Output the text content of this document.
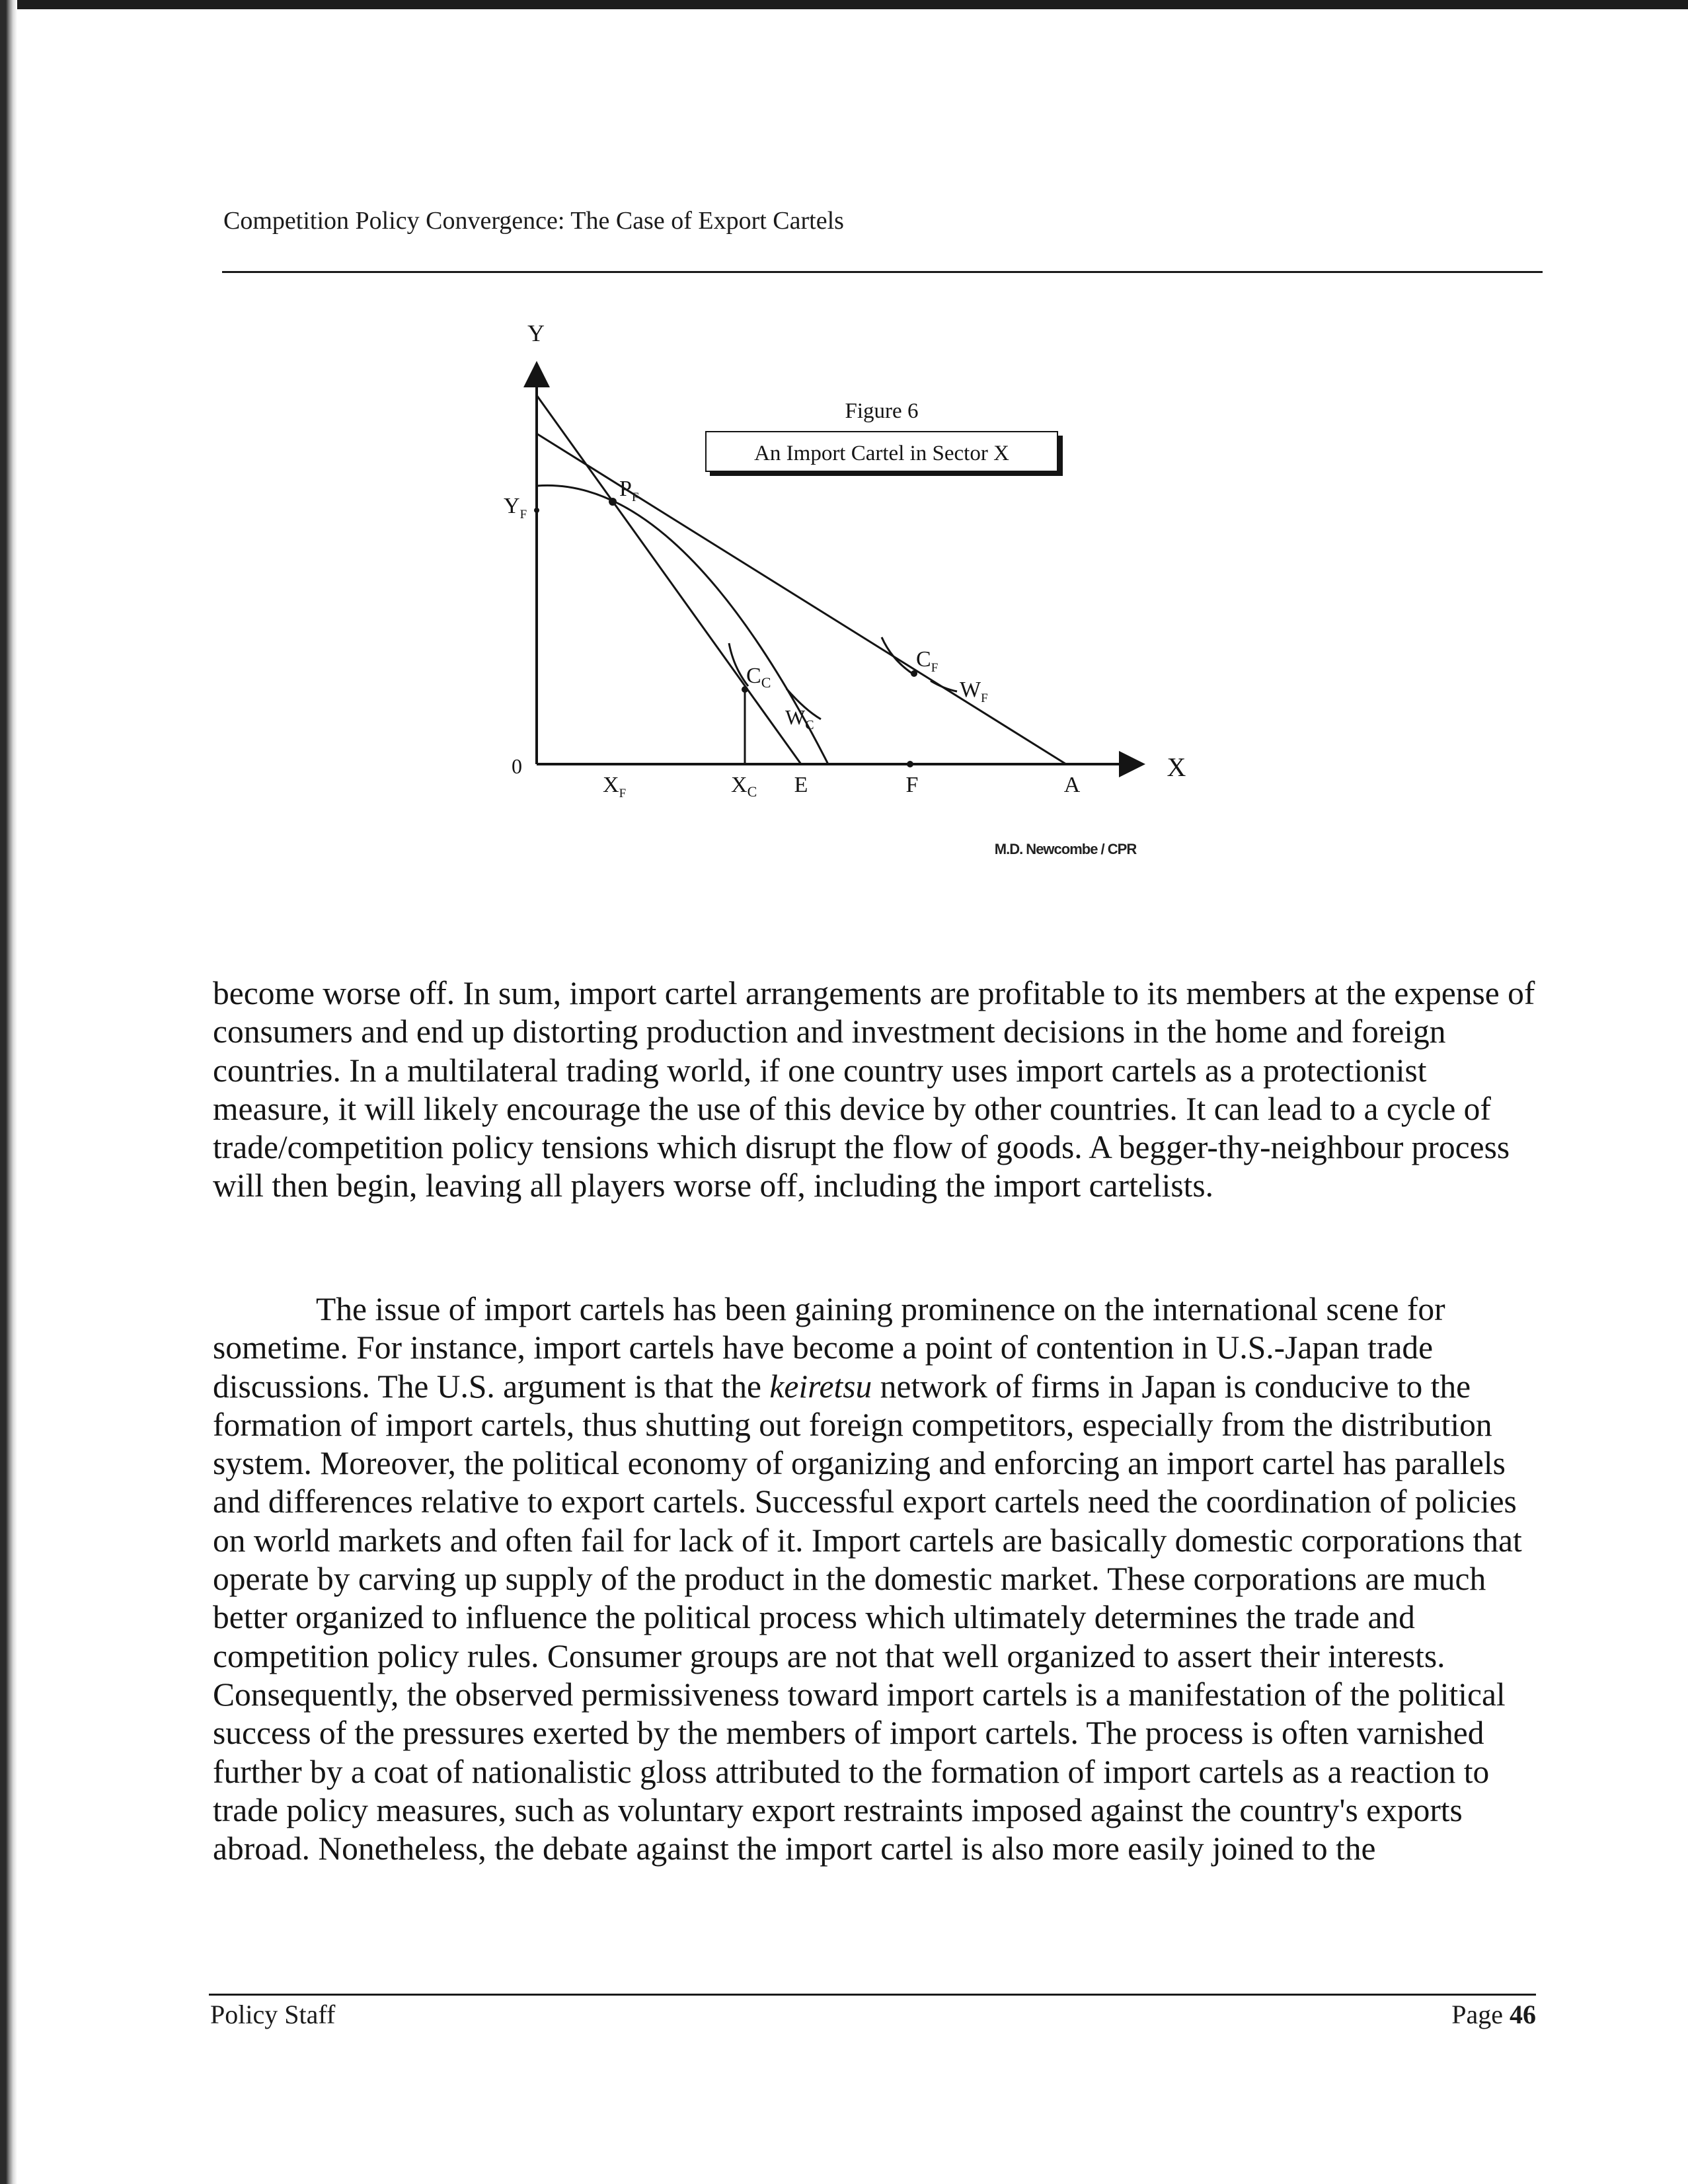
Competition Policy Convergence: The Case of Export Cartels
Figure 6
An Import Cartel in Sector X
Y
X
0
$Y_F$
$P_F$
$C_C$
$C_F$
$W_C$
$W_F$
$X_F$	$X_C$ E	F	A
M.D. Newcombe / CPR

become worse off. In sum, import cartel arrangements are profitable to its members at the expense of consumers and end up distorting production and investment decisions in the home and foreign countries. In a multilateral trading world, if one country uses import cartels as a protectionist measure, it will likely encourage the use of this device by other countries. It can lead to a cycle of trade/competition policy tensions which disrupt the flow of goods. A begger-thy-neighbour process will then begin, leaving all players worse off, including the import cartelists.

The issue of import cartels has been gaining prominence on the international scene for sometime. For instance, import cartels have become a point of contention in U.S.-Japan trade discussions. The U.S. argument is that the keiretsu network of firms in Japan is conducive to the formation of import cartels, thus shutting out foreign competitors, especially from the distribution system. Moreover, the political economy of organizing and enforcing an import cartel has parallels and differences relative to export cartels. Successful export cartels need the coordination of policies on world markets and often fail for lack of it. Import cartels are basically domestic corporations that operate by carving up supply of the product in the domestic market. These corporations are much better organized to influence the political process which ultimately determines the trade and competition policy rules. Consumer groups are not that well organized to assert their interests. Consequently, the observed permissiveness toward import cartels is a manifestation of the political success of the pressures exerted by the members of import cartels. The process is often varnished further by a coat of nationalistic gloss attributed to the formation of import cartels as a reaction to trade policy measures, such as voluntary export restraints imposed against the country's exports abroad. Nonetheless, the debate against the import cartel is also more easily joined to the

Policy Staff	Page 46
